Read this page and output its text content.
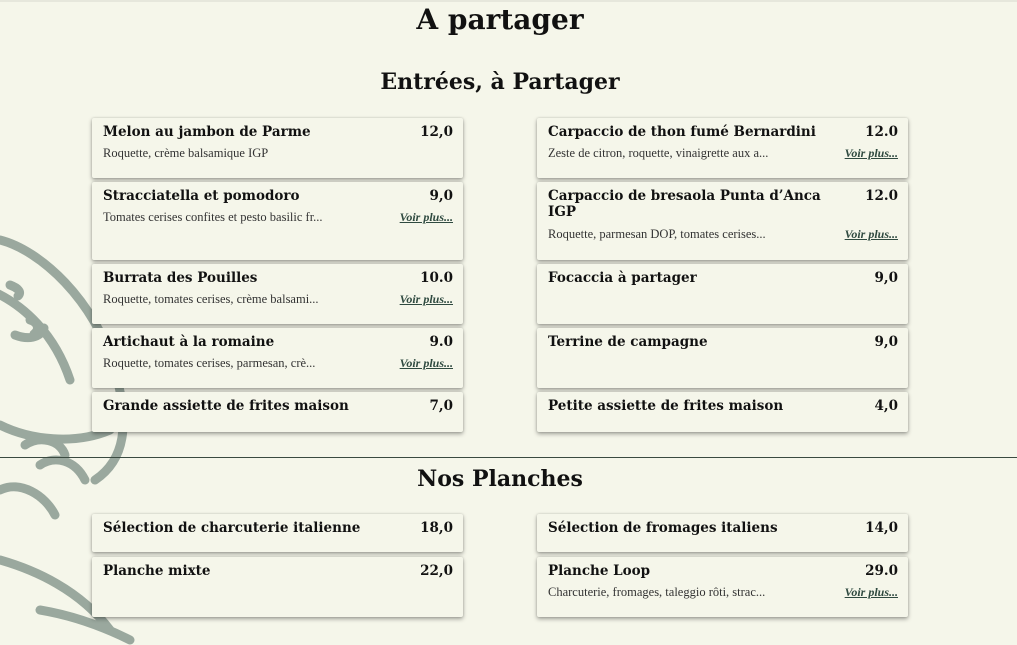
A partager
Entrées, à Partager
Melon au jambon de Parme	12,0
Roquette, crème balsamique IGP
Carpaccio de thon fumé Bernardini	12.0
Zeste de citron, roquette, vinaigrette aux a...	Voir plus...
Stracciatella et pomodoro	9,0
Tomates cerises confites et pesto basilic fr...	Voir plus...
Carpaccio de bresaola Punta d’Anca IGP
12.0
Roquette, parmesan DOP, tomates cerises...	Voir plus...
Burrata des Pouilles	10.0
Roquette, tomates cerises, crème balsami...	Voir plus...
Focaccia à partager	9,0
Artichaut à la romaine	9.0
Roquette, tomates cerises, parmesan, crè...	Voir plus...
Terrine de campagne	9,0
Grande assiette de frites maison	7,0	Petite assiette de frites maison	4,0
Nos Planches
Sélection de charcuterie italienne	18,0	Sélection de fromages italiens	14,0
Planche mixte	22,0	Planche Loop	29.0
Charcuterie, fromages, taleggio rôti, strac...	Voir plus...
